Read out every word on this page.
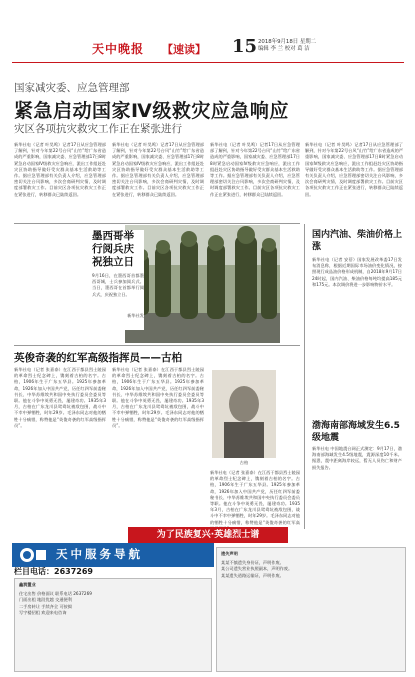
天中晚报	【速读】 15 2018年9月18日 星期二
编辑 李 兰 校对 葛 洁
国家减灾委、应急管理部
紧急启动国家Ⅳ级救灾应急响应
灾区各项抗灾救灾工作正在紧张进行
新华社电（记者 叶昊鸣）记者17日从应急管理部了解到，针对今年第22号台风“山竹”给广东省造成的严重影响，国家减灾委、应急管理部17日8时紧急启动国家Ⅳ级救灾应急响应，派出工作组赶赴灾区协助指导做好受灾群众基本生活救助等工作。据应急管理部有关负责人介绍，应急管理部密切关注台风影响，多次会商研判灾情，及时调度部署救灾工作。目前灾区各项抗灾救灾工作正在紧张进行，转移群众已陆续返回。
新华社电（记者 叶昊鸣）记者17日从应急管理部了解到，针对今年第22号台风“山竹”给广东省造成的严重影响，国家减灾委、应急管理部17日8时紧急启动国家Ⅳ级救灾应急响应，派出工作组赶赴灾区协助指导做好受灾群众基本生活救助等工作。据应急管理部有关负责人介绍，应急管理部密切关注台风影响，多次会商研判灾情，及时调度部署救灾工作。目前灾区各项抗灾救灾工作正在紧张进行，转移群众已陆续返回。
新华社电（记者 叶昊鸣）记者17日从应急管理部了解到，针对今年第22号台风“山竹”给广东省造成的严重影响，国家减灾委、应急管理部17日8时紧急启动国家Ⅳ级救灾应急响应，派出工作组赶赴灾区协助指导做好受灾群众基本生活救助等工作。据应急管理部有关负责人介绍，应急管理部密切关注台风影响，多次会商研判灾情，及时调度部署救灾工作。目前灾区各项抗灾救灾工作正在紧张进行，转移群众已陆续返回。
新华社电（记者 叶昊鸣）记者17日从应急管理部了解到，针对今年第22号台风“山竹”给广东省造成的严重影响，国家减灾委、应急管理部17日8时紧急启动国家Ⅳ级救灾应急响应，派出工作组赶赴灾区协助指导做好受灾群众基本生活救助等工作。据应急管理部有关负责人介绍，应急管理部密切关注台风影响，多次会商研判灾情，及时调度部署救灾工作。目前灾区各项抗灾救灾工作正在紧张进行，转移群众已陆续返回。
墨西哥举行阅兵庆祝独立日
9月16日，在墨西哥首都墨西哥城，士兵参加阅兵式。当日，墨西哥在首都举行阅兵式，庆祝独立日。
新华社发
英俊奇袭的红军高级指挥员——古柏
新华社电（记者 张嘉泰）在江西于都县烈士陵园的革命烈士纪念碑上，镌刻着古柏的名字。古柏，1906年生于广东五华县。1925年参加革命，1926年加入中国共产党，历任红四军前委秘书长、中华苏维埃共和国中央执行委员会委员等职。他在斗争中英勇无畏，屡建奇功。1935年3月，古柏在广东龙川县鸳鸯坑被敌包围，战斗中不幸中弹牺牲，时年29岁。毛泽东同志对他的牺牲十分痛惜，称赞他是“英俊奇袭的红军高级指挥员”。
新华社电（记者 张嘉泰）在江西于都县烈士陵园的革命烈士纪念碑上，镌刻着古柏的名字。古柏，1906年生于广东五华县。1925年参加革命，1926年加入中国共产党，历任红四军前委秘书长、中华苏维埃共和国中央执行委员会委员等职。他在斗争中英勇无畏，屡建奇功。1935年3月，古柏在广东龙川县鸳鸯坑被敌包围，战斗中不幸中弹牺牲，时年29岁。毛泽东同志对他的牺牲十分痛惜，称赞他是“英俊奇袭的红军高级指挥员”。
古柏
新华社电（记者 张嘉泰）在江西于都县烈士陵园的革命烈士纪念碑上，镌刻着古柏的名字。古柏，1906年生于广东五华县。1925年参加革命，1926年加入中国共产党，历任红四军前委秘书长、中华苏维埃共和国中央执行委员会委员等职。他在斗争中英勇无畏，屡建奇功。1935年3月，古柏在广东龙川县鸳鸯坑被敌包围，战斗中不幸中弹牺牲，时年29岁。毛泽东同志对他的牺牲十分痛惜，称赞他是“英俊奇袭的红军高
为了民族复兴·英雄烈士谱
国内汽油、柴油价格上涨
新华社电（记者 安蓓）国家发展改革委17日发布消息称，根据近期国际市场油价变化情况，按照现行成品油价格形成机制，自2018年9月17日24时起，国内汽油、柴油价格每吨均提高185元和175元。本次调价将进一步影响物价水平。
渤海南部海域发生6.5级地震
新华社电 中国地震台网正式测定：9月17日，渤海南部海域发生4.5级地震，震源深度10千米。据悉，震中距离海岸较远，暂无人员伤亡和财产损失报告。
天中服务导航
栏目电话：2637269
鑫润置业
住宅出售 价格面议 联系电话 2637269
门面出租 地段优越 交通便利
二手房转让 手续齐全 可按揭
写字楼招租 欢迎来电咨询
遗失声明
某某不慎遗失身份证，声明作废。
某公司遗失营业执照副本，声明作废。
某某遗失道路运输证，声明作废。
